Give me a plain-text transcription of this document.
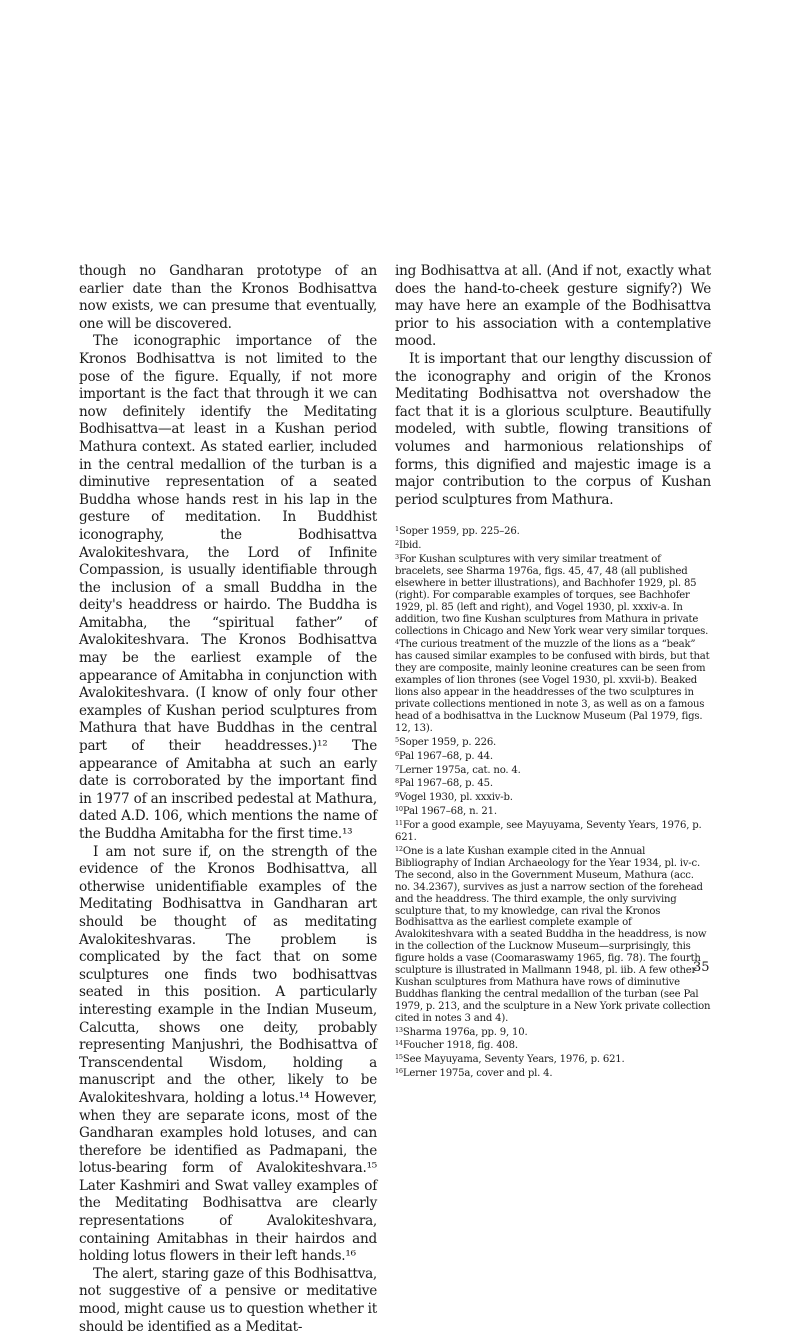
though no Gandharan prototype of an earlier date than the Kronos Bodhisattva now exists, we can presume that eventually, one will be discovered.

The iconographic importance of the Kronos Bodhisattva is not limited to the pose of the figure. Equally, if not more important is the fact that through it we can now definitely identify the Meditating Bodhisattva—at least in a Kushan period Mathura context. As stated earlier, included in the central medallion of the turban is a diminutive representation of a seated Buddha whose hands rest in his lap in the gesture of meditation. In Buddhist iconography, the Bodhisattva Avalokiteshvara, the Lord of Infinite Compassion, is usually identifiable through the inclusion of a small Buddha in the deity's headdress or hairdo. The Buddha is Amitabha, the “spiritual father” of Avalokiteshvara. The Kronos Bodhisattva may be the earliest example of the appearance of Amitabha in conjunction with Avalokiteshvara. (I know of only four other examples of Kushan period sculptures from Mathura that have Buddhas in the central part of their headdresses.)¹² The appearance of Amitabha at such an early date is corroborated by the important find in 1977 of an inscribed pedestal at Mathura, dated A.D. 106, which mentions the name of the Buddha Amitabha for the first time.¹³

I am not sure if, on the strength of the evidence of the Kronos Bodhisattva, all otherwise unidentifiable examples of the Meditating Bodhisattva in Gandharan art should be thought of as meditating Avalokiteshvaras. The problem is complicated by the fact that on some sculptures one finds two bodhisattvas seated in this position. A particularly interesting example in the Indian Museum, Calcutta, shows one deity, probably representing Manjushri, the Bodhisattva of Transcendental Wisdom, holding a manuscript and the other, likely to be Avalokiteshvara, holding a lotus.¹⁴ However, when they are separate icons, most of the Gandharan examples hold lotuses, and can therefore be identified as Padmapani, the lotus-bearing form of Avalokiteshvara.¹⁵ Later Kashmiri and Swat valley examples of the Meditating Bodhisattva are clearly representations of Avalokiteshvara, containing Amitabhas in their hairdos and holding lotus flowers in their left hands.¹⁶

The alert, staring gaze of this Bodhisattva, not suggestive of a pensive or meditative mood, might cause us to question whether it should be identified as a Meditat-

ing Bodhisattva at all. (And if not, exactly what does the hand-to-cheek gesture signify?) We may have here an example of the Bodhisattva prior to his association with a contemplative mood.

It is important that our lengthy discussion of the iconography and origin of the Kronos Meditating Bodhisattva not overshadow the fact that it is a glorious sculpture. Beautifully modeled, with subtle, flowing transitions of volumes and harmonious relationships of forms, this dignified and majestic image is a major contribution to the corpus of Kushan period sculptures from Mathura.

$^1$Soper 1959, pp. 225–26.

$^2$Ibid.

$^3$For Kushan sculptures with very similar treatment of bracelets, see Sharma 1976a, figs. 45, 47, 48 (all published elsewhere in better illustrations), and Bachhofer 1929, pl. 85 (right). For comparable examples of torques, see Bachhofer 1929, pl. 85 (left and right), and Vogel 1930, pl. xxxiv-a. In addition, two fine Kushan sculptures from Mathura in private collections in Chicago and New York wear very similar torques.

$^4$The curious treatment of the muzzle of the lions as a “beak” has caused similar examples to be confused with birds, but that they are composite, mainly leonine creatures can be seen from examples of lion thrones (see Vogel 1930, pl. xxvii-b). Beaked lions also appear in the headdresses of the two sculptures in private collections mentioned in note 3, as well as on a famous head of a bodhisattva in the Lucknow Museum (Pal 1979, figs. 12, 13).

$^5$Soper 1959, p. 226.

$^6$Pal 1967–68, p. 44.

$^7$Lerner 1975a, cat. no. 4.

$^8$Pal 1967–68, p. 45.

$^9$Vogel 1930, pl. xxxiv-b.

$^{10}$Pal 1967–68, n. 21.

$^{11}$For a good example, see Mayuyama, Seventy Years, 1976, p. 621.

$^{12}$One is a late Kushan example cited in the Annual Bibliography of Indian Archaeology for the Year 1934, pl. iv-c. The second, also in the Government Museum, Mathura (acc. no. 34.2367), survives as just a narrow section of the forehead and the headdress. The third example, the only surviving sculpture that, to my knowledge, can rival the Kronos Bodhisattva as the earliest complete example of Avalokiteshvara with a seated Buddha in the headdress, is now in the collection of the Lucknow Museum—surprisingly, this figure holds a vase (Coomaraswamy 1965, fig. 78). The fourth sculpture is illustrated in Mallmann 1948, pl. iib. A few other Kushan sculptures from Mathura have rows of diminutive Buddhas flanking the central medallion of the turban (see Pal 1979, p. 213, and the sculpture in a New York private collection cited in notes 3 and 4).

$^{13}$Sharma 1976a, pp. 9, 10.

$^{14}$Foucher 1918, fig. 408.

$^{15}$See Mayuyama, Seventy Years, 1976, p. 621.

$^{16}$Lerner 1975a, cover and pl. 4.

35
